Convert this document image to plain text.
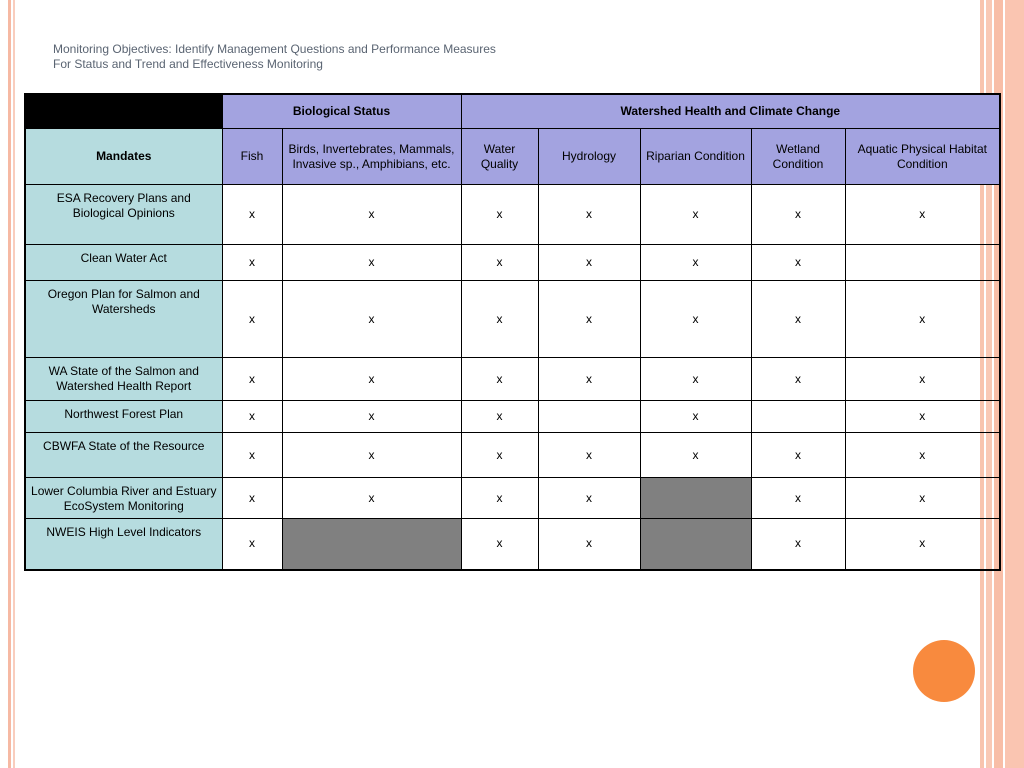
Monitoring Objectives: Identify Management Questions and Performance Measures
For Status and Trend and Effectiveness Monitoring
	Biological Status		Watershed Health and Climate Change				
Mandates	Fish	Birds, Invertebrates, Mammals, Invasive sp., Amphibians, etc.	Water Quality	Hydrology	Riparian Condition	Wetland Condition	Aquatic Physical Habitat Condition
ESA Recovery Plans and Biological Opinions	x	x	x	x	x	x	x
Clean Water Act	x	x	x	x	x	x	
Oregon Plan for Salmon and Watersheds	x	x	x	x	x	x	x
WA State of the Salmon and Watershed Health Report	x	x	x	x	x	x	x
Northwest Forest Plan	x	x	x		x		x
CBWFA State of the Resource	x	x	x	x	x	x	x
Lower Columbia River and Estuary EcoSystem Monitoring	x	x	x	x		x	x
NWEIS High Level Indicators	x		x	x		x	x
